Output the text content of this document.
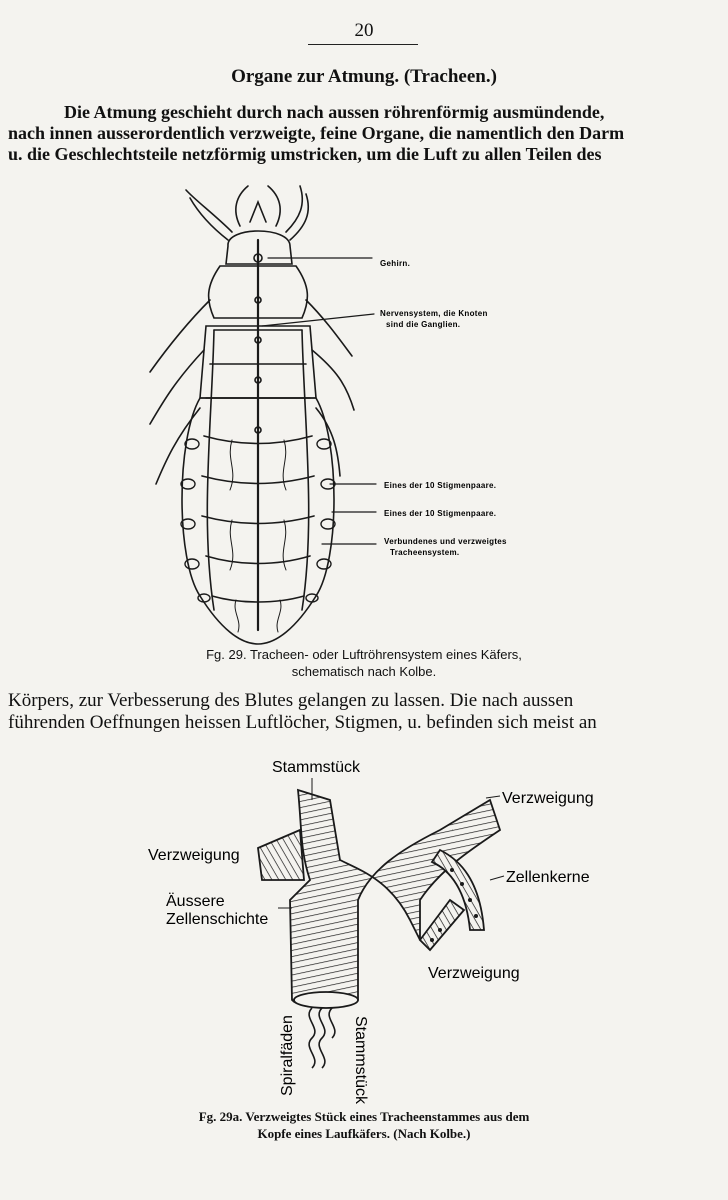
20
Organe zur Atmung. (Tracheen.)

Die Atmung geschieht durch nach aussen röhrenförmig ausmündende,

nach innen ausserordentlich verzweigte, feine Organe, die namentlich den Darm

u. die Geschlechtsteile netzförmig umstricken, um die Luft zu allen Teilen des

Gehirn.
Nervensystem, die Knoten
sind die Ganglien.
Eines der 10 Stigmenpaare.
Eines der 10 Stigmenpaare.
Verbundenes und verzweigtes
Tracheensystem.
Fg. 29. Tracheen- oder Luftröhrensystem eines Käfers,
schematisch nach Kolbe.

Körpers, zur Verbesserung des Blutes gelangen zu lassen. Die nach aussen

führenden Oeffnungen heissen Luftlöcher, Stigmen, u. befinden sich meist an

Stammstück
Verzweigung
Verzweigung
Äussere
Zellenschichte
Zellenkerne
Verzweigung
Spiralfäden	Stammstück
Fg. 29a. Verzweigtes Stück eines Tracheenstammes aus dem
Kopfe eines Laufkäfers. (Nach Kolbe.)
